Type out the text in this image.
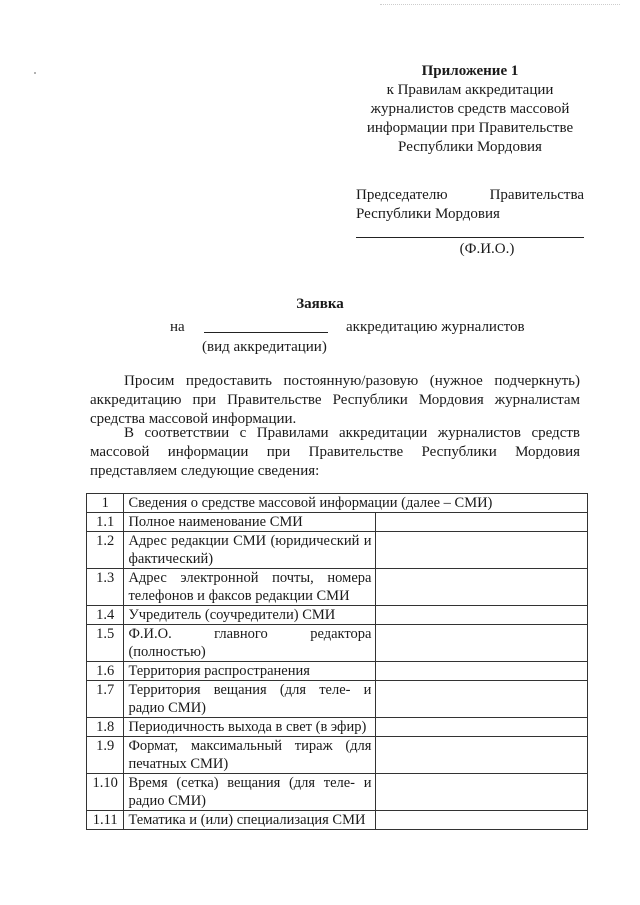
Приложение 1
к Правилам аккредитации
журналистов средств массовой
информации при Правительстве
Республики Мордовия
Председателю	Правительства
Республики Мордовия
(Ф.И.О.)
Заявка
на	аккредитацию журналистов
(вид аккредитации)
Просим предоставить постоянную/разовую (нужное подчеркнуть) аккредитацию при Правительстве Республики Мордовия журналистам средства массовой информации.
В соответствии с Правилами аккредитации журналистов средств массовой информации при Правительстве Республики Мордовия представляем следующие сведения:
1	Сведения о средстве массовой информации (далее – СМИ)	
1.1	Полное наименование СМИ	
1.2	Адрес редакции СМИ (юридический и фактический)	
1.3	Адрес электронной почты, номера телефонов и факсов редакции СМИ	
1.4	Учредитель (соучредители) СМИ	
1.5	Ф.И.О. главного редактора (полностью)	
1.6	Территория распространения	
1.7	Территория вещания (для теле- и радио СМИ)	
1.8	Периодичность выхода в свет (в эфир)	
1.9	Формат, максимальный тираж (для печатных СМИ)	
1.10	Время (сетка) вещания (для теле- и радио СМИ)	
1.11	Тематика и (или) специализация СМИ	
